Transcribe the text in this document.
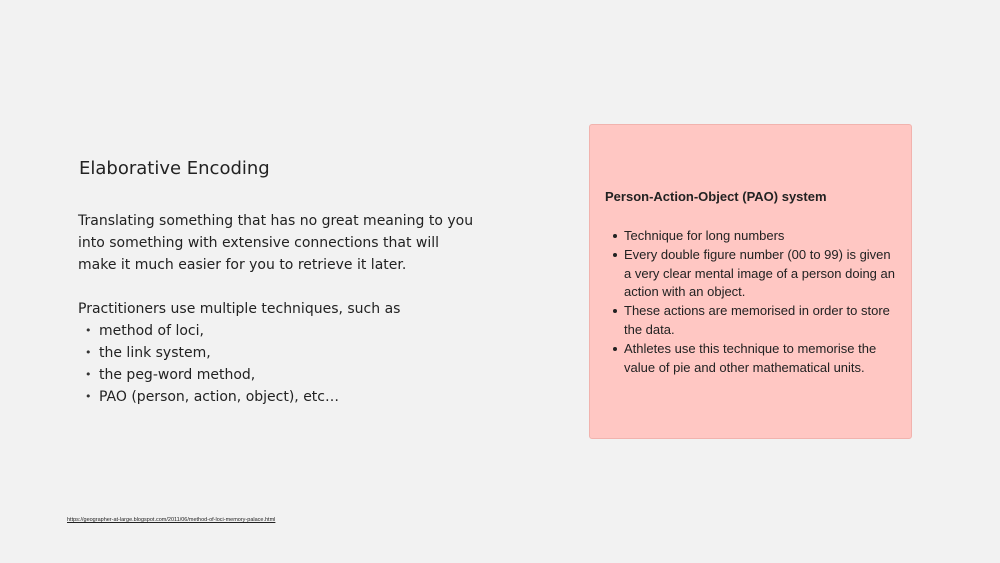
Elaborative Encoding

Translating something that has no great meaning to you into something with extensive connections that will make it much easier for you to retrieve it later.

Practitioners use multiple techniques, such as

• method of loci,
• the link system,
• the peg-word method,
• PAO (person, action, object), etc…
https://geographer-at-large.blogspot.com/2011/06/method-of-loci-memory-palace.html
Person-Action-Object (PAO) system
Technique for long numbers
Every double figure number (00 to 99) is given a very clear mental image of a person doing an action with an object.
These actions are memorised in order to store the data.
Athletes use this technique to memorise the value of pie and other mathematical units.
